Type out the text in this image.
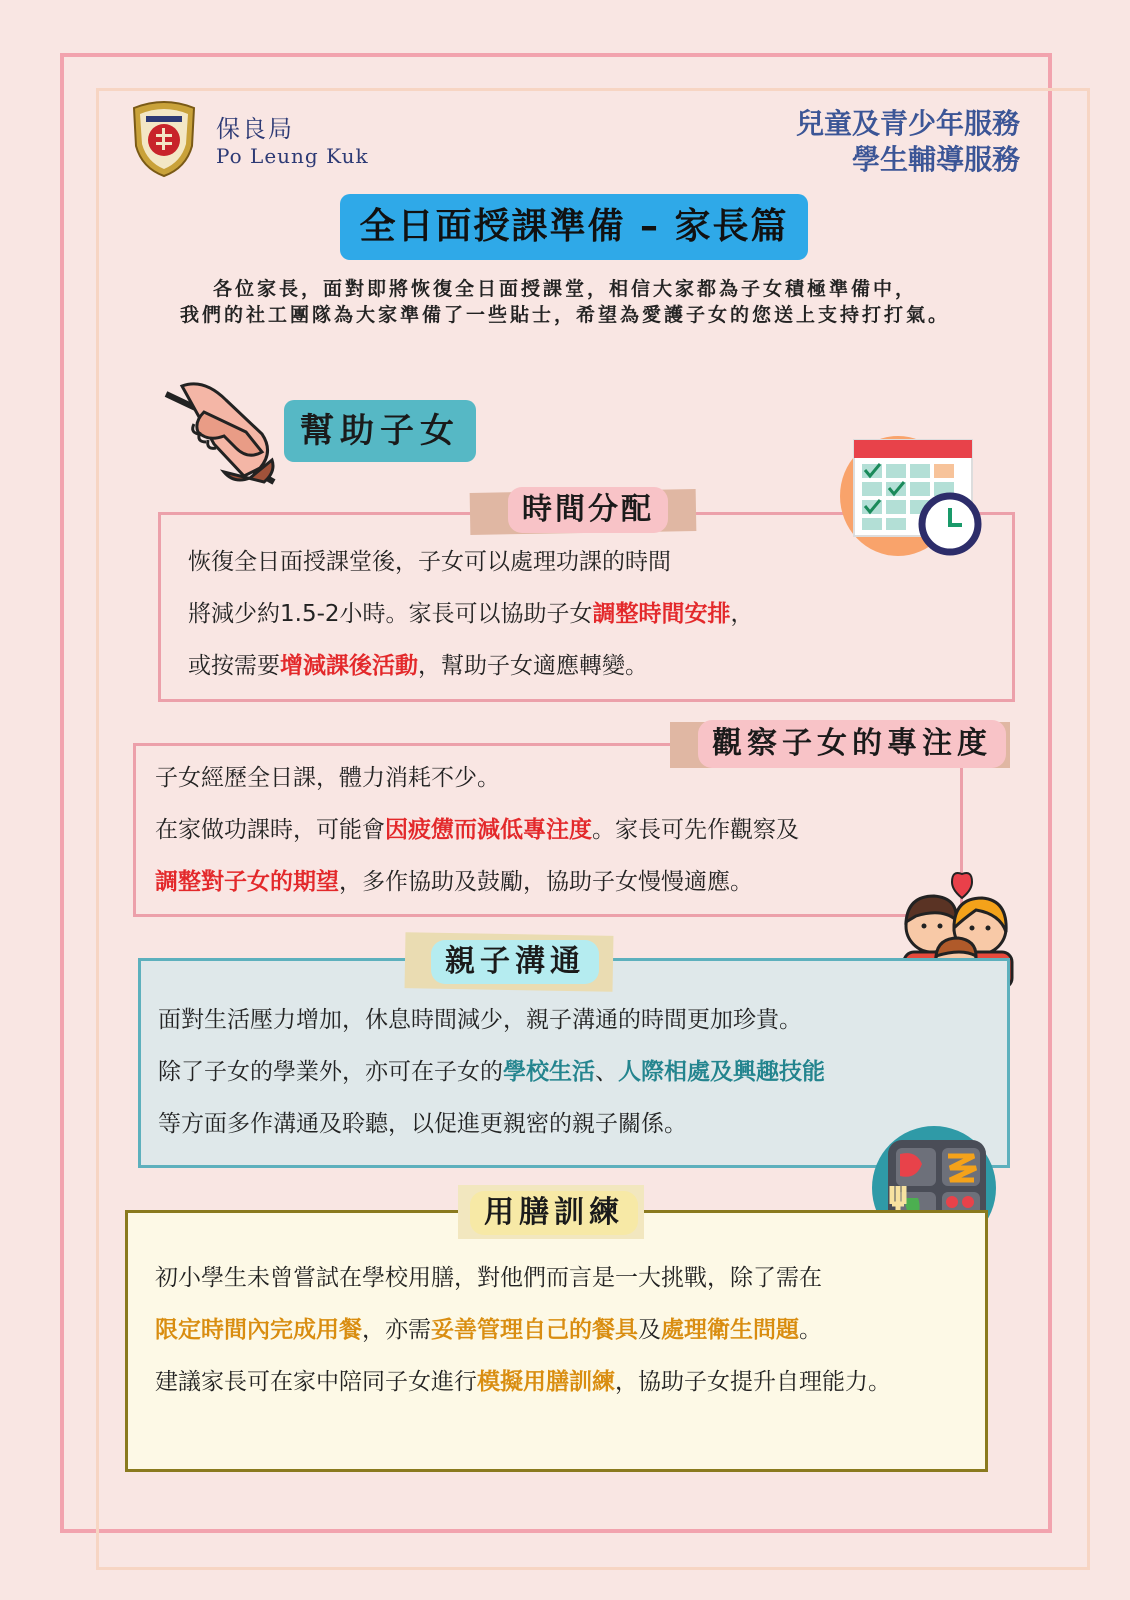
保良局
Po Leung Kuk
兒童及青少年服務
學生輔導服務
全日面授課準備 – 家長篇
各位家長，面對即將恢復全日面授課堂，相信大家都為子女積極準備中，
我們的社工團隊為大家準備了一些貼士，希望為愛護子女的您送上支持打打氣。
幫助子女
時間分配
恢復全日面授課堂後，子女可以處理功課的時間
將減少約1.5-2小時。家長可以協助子女調整時間安排，
或按需要增減課後活動，幫助子女適應轉變。
觀察子女的專注度
子女經歷全日課，體力消耗不少。
在家做功課時，可能會因疲憊而減低專注度。家長可先作觀察及
調整對子女的期望，多作協助及鼓勵，協助子女慢慢適應。
親子溝通
面對生活壓力增加，休息時間減少，親子溝通的時間更加珍貴。
除了子女的學業外，亦可在子女的學校生活、人際相處及興趣技能
等方面多作溝通及聆聽，以促進更親密的親子關係。
用膳訓練
初小學生未曾嘗試在學校用膳，對他們而言是一大挑戰，除了需在
限定時間內完成用餐，亦需妥善管理自己的餐具及處理衛生問題。
建議家長可在家中陪同子女進行模擬用膳訓練，協助子女提升自理能力。
